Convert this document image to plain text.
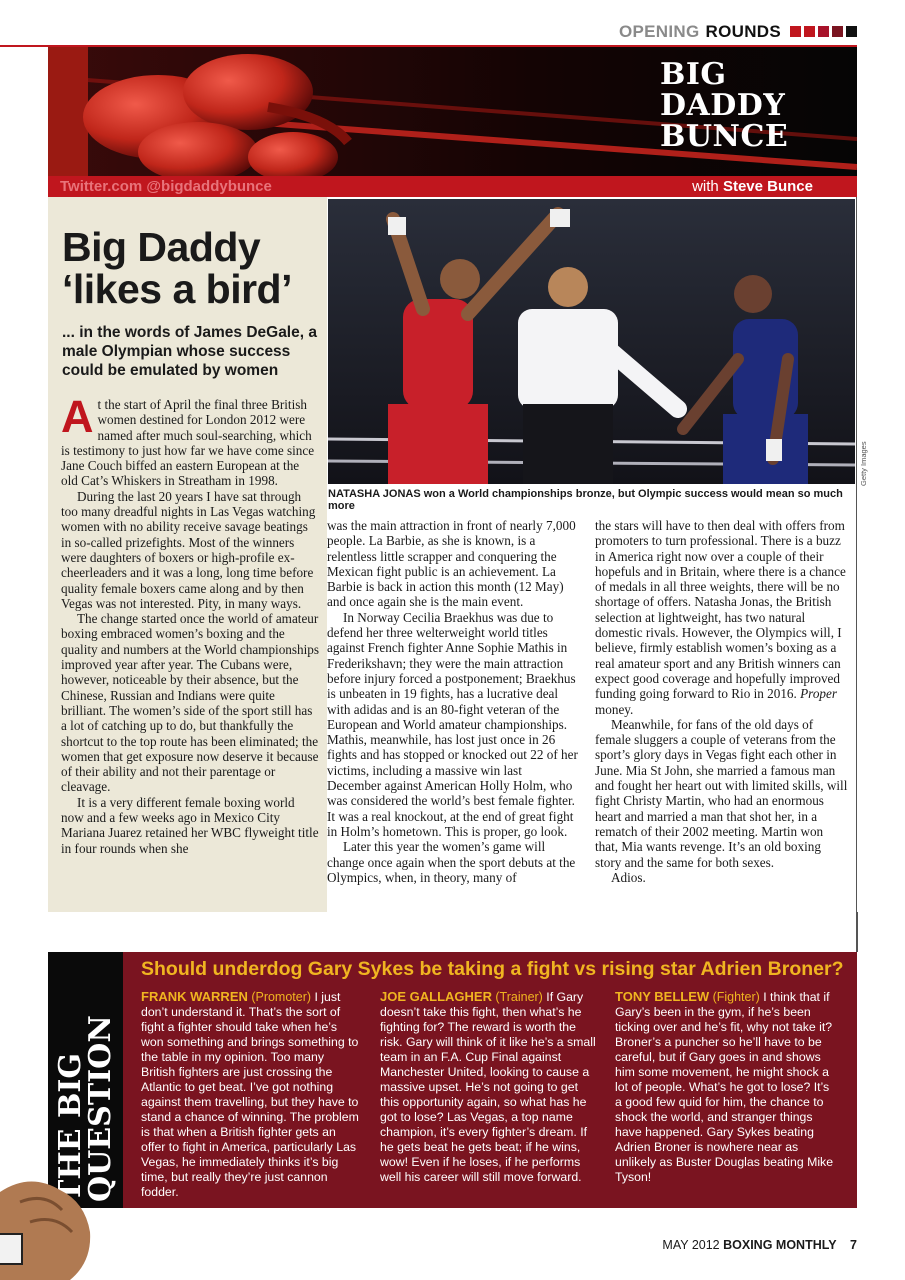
OPENING ROUNDS
BIG
DADDY
BUNCE
Twitter.com @bigdaddybunce	with Steve Bunce
Big Daddy
‘likes a bird’
... in the words of James DeGale, a male Olympian whose success could be emulated by women

At the start of April the final three British women destined for London 2012 were named after much soul-searching, which is testimony to just how far we have come since Jane Couch biffed an eastern European at the old Cat’s Whiskers in Streatham in 1998.

During the last 20 years I have sat through too many dreadful nights in Las Vegas watching women with no ability receive savage beatings in so-called prizefights. Most of the winners were daughters of boxers or high-profile ex-cheerleaders and it was a long, long time before quality female boxers came along and by then Vegas was not interested. Pity, in many ways.

The change started once the world of amateur boxing embraced women’s boxing and the quality and numbers at the World championships improved year after year. The Cubans were, however, noticeable by their absence, but the Chinese, Russian and Indians were quite brilliant. The women’s side of the sport still has a lot of catching up to do, but thankfully the shortcut to the top route has been eliminated; the women that get exposure now deserve it because of their ability and not their parentage or cleavage.

It is a very different female boxing world now and a few weeks ago in Mexico City Mariana Juarez retained her WBC flyweight title in four rounds when she

NATASHA JONAS won a World championships bronze, but Olympic success would mean so much more
Getty Images

was the main attraction in front of nearly 7,000 people. La Barbie, as she is known, is a relentless little scrapper and conquering the Mexican fight public is an achievement. La Barbie is back in action this month (12 May) and once again she is the main event.

In Norway Cecilia Braekhus was due to defend her three welterweight world titles against French fighter Anne Sophie Mathis in Frederikshavn; they were the main attraction before injury forced a postponement; Braekhus is unbeaten in 19 fights, has a lucrative deal with adidas and is an 80-fight veteran of the European and World amateur championships. Mathis, meanwhile, has lost just once in 26 fights and has stopped or knocked out 22 of her victims, including a massive win last December against American Holly Holm, who was considered the world’s best female fighter. It was a real knockout, at the end of great fight in Holm’s hometown. This is proper, go look.

Later this year the women’s game will change once again when the sport debuts at the Olympics, when, in theory, many of

the stars will have to then deal with offers from promoters to turn professional. There is a buzz in America right now over a couple of their hopefuls and in Britain, where there is a chance of medals in all three weights, there will be no shortage of offers. Natasha Jonas, the British selection at lightweight, has two natural domestic rivals. However, the Olympics will, I believe, firmly establish women’s boxing as a real amateur sport and any British winners can expect good coverage and hopefully improved funding going forward to Rio in 2016. Proper money.

Meanwhile, for fans of the old days of female sluggers a couple of veterans from the sport’s glory days in Vegas fight each other in June. Mia St John, she married a famous man and fought her heart out with limited skills, will fight Christy Martin, who had an enormous heart and married a man that shot her, in a rematch of their 2002 meeting. Martin won that, Mia wants revenge. It’s an old boxing story and the same for both sexes.

Adios.

THE BIG
QUESTION
Should underdog Gary Sykes be taking a fight vs rising star Adrien Broner?
FRANK WARREN (Promoter) I just don’t understand it. That’s the sort of fight a fighter should take when he’s won something and brings something to the table in my opinion. Too many British fighters are just crossing the Atlantic to get beat. I’ve got nothing against them travelling, but they have to stand a chance of winning. The problem is that when a British fighter gets an offer to fight in America, particularly Las Vegas, he immediately thinks it’s big time, but really they’re just cannon fodder.
JOE GALLAGHER (Trainer) If Gary doesn’t take this fight, then what’s he fighting for? The reward is worth the risk. Gary will think of it like he’s a small team in an F.A. Cup Final against Manchester United, looking to cause a massive upset. He’s not going to get this opportunity again, so what has he got to lose? Las Vegas, a top name champion, it’s every fighter’s dream. If he gets beat he gets beat; if he wins, wow! Even if he loses, if he performs well his career will still move forward.
TONY BELLEW (Fighter) I think that if Gary’s been in the gym, if he’s been ticking over and he’s fit, why not take it? Broner’s a puncher so he’ll have to be careful, but if Gary goes in and shows him some movement, he might shock a lot of people. What’s he got to lose? It’s a good few quid for him, the chance to shock the world, and stranger things have happened. Gary Sykes beating Adrien Broner is nowhere near as unlikely as Buster Douglas beating Mike Tyson!
MAY 2012 BOXING MONTHLY 7
